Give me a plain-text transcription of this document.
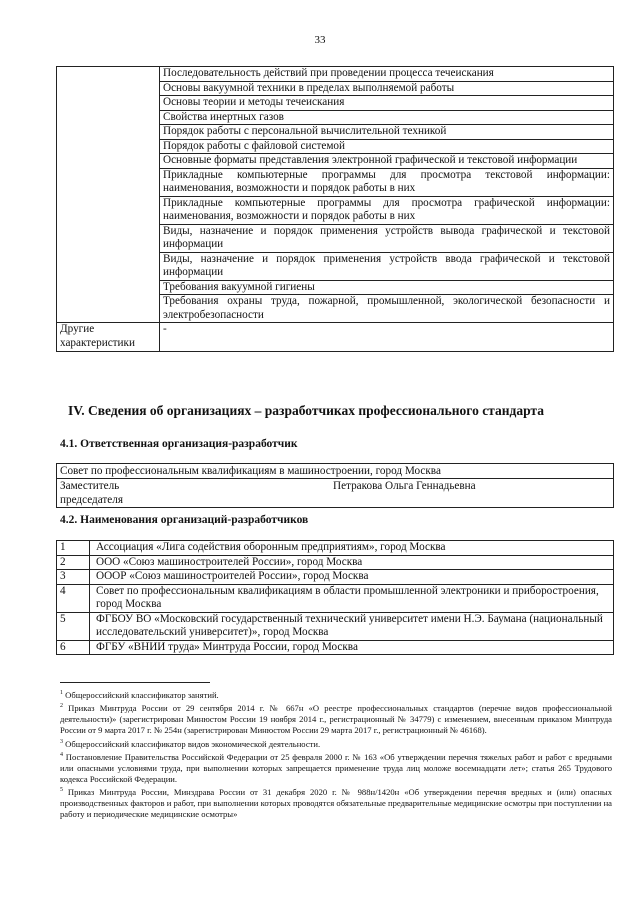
33
	Последовательность действий при проведении процесса течеискания
	Основы вакуумной техники в пределах выполняемой работы
	Основы теории и методы течеискания
	Свойства инертных газов
	Порядок работы с персональной вычислительной техникой
	Порядок работы с файловой системой
	Основные форматы представления электронной графической и текстовой информации
	Прикладные компьютерные программы для просмотра текстовой информации: наименования, возможности и порядок работы в них
	Прикладные компьютерные программы для просмотра графической информации: наименования, возможности и порядок работы в них
	Виды, назначение и порядок применения устройств вывода графической и текстовой информации
	Виды, назначение и порядок применения устройств ввода графической и текстовой информации
	Требования вакуумной гигиены
	Требования охраны труда, пожарной, промышленной, экологической безопасности и электробезопасности
Другие характеристики	-
IV. Сведения об организациях – разработчиках профессионального стандарта
4.1. Ответственная организация-разработчик
Совет по профессиональным квалификациям в машиностроении, город Москва
Заместитель председателя	Петракова Ольга Геннадьевна
4.2. Наименования организаций-разработчиков
1	Ассоциация «Лига содействия оборонным предприятиям», город Москва
2	ООО «Союз машиностроителей России», город Москва
3	ОООР «Союз машиностроителей России», город Москва
4	Совет по профессиональным квалификациям в области промышленной электроники и приборостроения, город Москва
5	ФГБОУ ВО «Московский государственный технический университет имени Н.Э. Баумана (национальный исследовательский университет)», город Москва
6	ФГБУ «ВНИИ труда» Минтруда России, город Москва

$^1$ Общероссийский классификатор занятий.

$^2$ Приказ Минтруда России от 29 сентября 2014 г. № 667н «О реестре профессиональных стандартов (перечне видов профессиональной деятельности)» (зарегистрирован Минюстом России 19 ноября 2014 г., регистрационный № 34779) с изменением, внесенным приказом Минтруда России от 9 марта 2017 г. № 254н (зарегистрирован Минюстом России 29 марта 2017 г., регистрационный № 46168).

$^3$ Общероссийский классификатор видов экономической деятельности.

$^4$ Постановление Правительства Российской Федерации от 25 февраля 2000 г. № 163 «Об утверждении перечня тяжелых работ и работ с вредными или опасными условиями труда, при выполнении которых запрещается применение труда лиц моложе восемнадцати лет»; статья 265 Трудового кодекса Российской Федерации.

$^5$ Приказ Минтруда России, Минздрава России от 31 декабря 2020 г. № 988н/1420н «Об утверждении перечня вредных и (или) опасных производственных факторов и работ, при выполнении которых проводятся обязательные предварительные медицинские осмотры при поступлении на работу и периодические медицинские осмотры»
